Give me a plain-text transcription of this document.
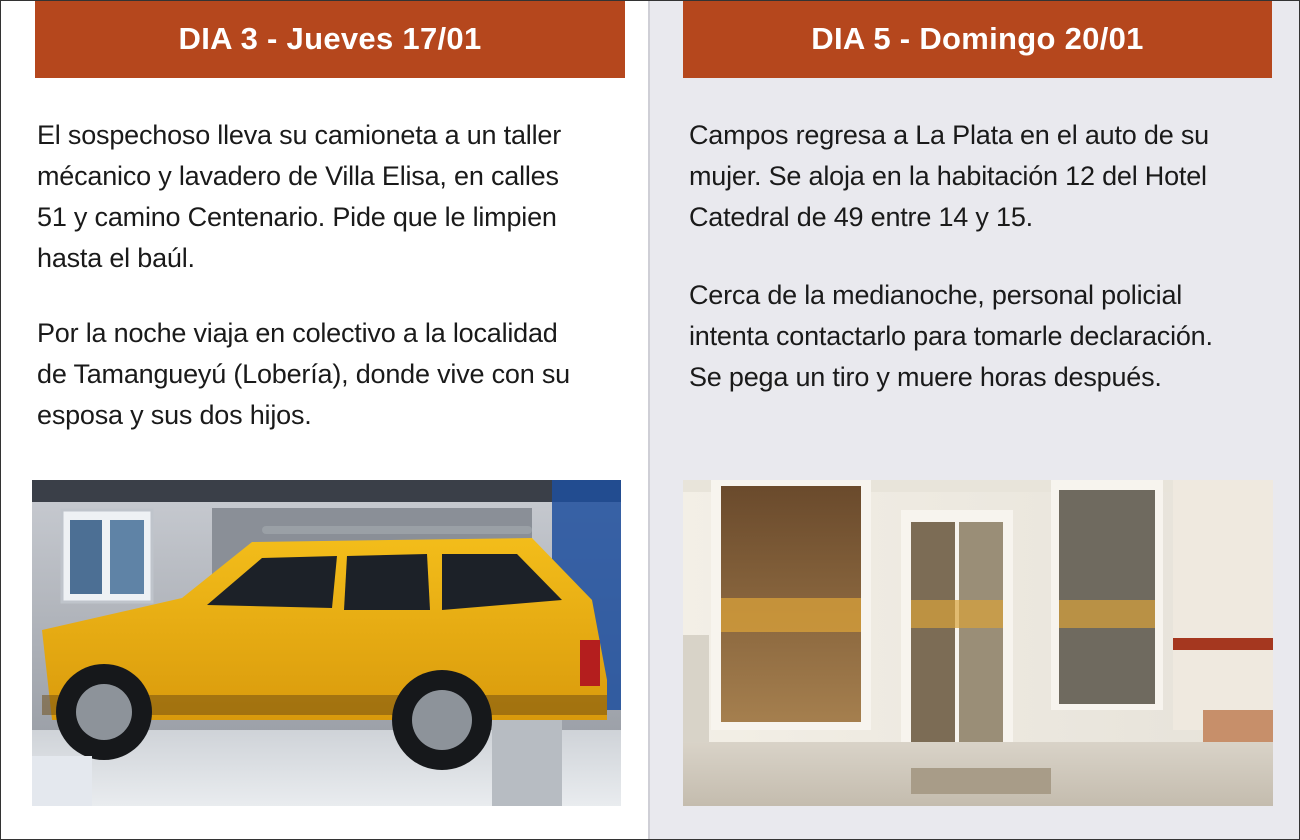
DIA 3 - Jueves 17/01
El sospechoso lleva su camioneta a un taller
mécanico y lavadero de Villa Elisa, en calles
51 y camino Centenario. Pide que le limpien
hasta el baúl.
Por la noche viaja en colectivo a la localidad
de Tamangueyú (Lobería), donde vive con su
esposa y sus dos hijos.
DIA 5 - Domingo 20/01
Campos regresa a La Plata en el auto de su
mujer. Se aloja en la habitación 12 del Hotel
Catedral de 49 entre 14 y 15.
Cerca de la medianoche, personal policial
intenta contactarlo para tomarle declaración.
Se pega un tiro y muere horas después.
